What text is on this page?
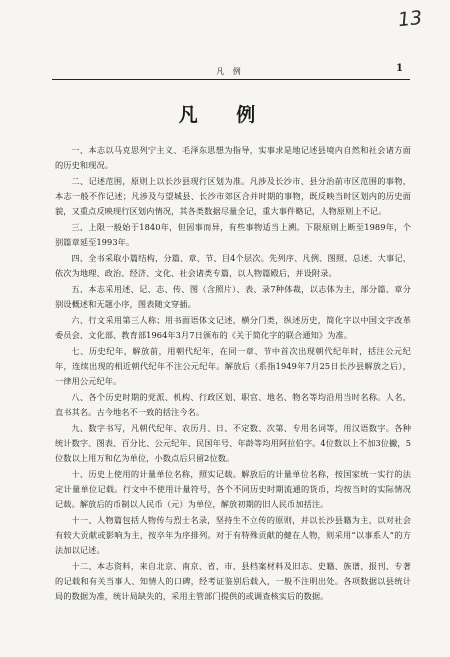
13
凡 例	1
凡 例

一、本志以马克思列宁主义、毛泽东思想为指导，实事求是地记述县境内自然和社会诸方面的历史和现况。

二、记述范围，原则上以长沙县现行区划为准。凡涉及长沙市、县分治前市区范围的事物，本志一般不作记述；凡涉及与望城县、长沙市郊区合并时期的事物，既反映当时区划内的历史面貌，又重点反映现行区划内情况，其各类数据尽量全记，重大事件略记，人物原则上不记。

三、上限一般始于1840年，但因事而异，有些事物适当上溯。下限原则上断至1989年，个别篇章延至1993年。

四、全书采取小篇结构，分篇、章、节、目4个层次。先列序、凡例、图照、总述、大事记，依次为地理、政治、经济、文化、社会诸类专篇，以人物篇殿后，并设附录。

五、本志采用述、记、志、传、图（含照片）、表、录7种体裁，以志体为主，部分篇、章分别设概述和无题小序，图表随文穿插。

六、行文采用第三人称；用书面语体文记述，横分门类，纵述历史，简化字以中国文字改革委员会、文化部、教育部1964年3月7日颁布的《关于简化字的联合通知》为准。

七、历史纪年，解放前，用朝代纪年，在同一章、节中首次出现朝代纪年时，括注公元纪年，连续出现的相近朝代纪年不注公元纪年。解放后（系指1949年7月25日长沙县解放之后），一律用公元纪年。

八、各个历史时期的党派、机构、行政区划、职官、地名、物名等均沿用当时名称。人名，直书其名。古今地名不一致的括注今名。

九、数字书写，凡朝代纪年、农历月、日、不定数、次第、专用名词等，用汉语数字。各种统计数字、图表、百分比、公元纪年、民国年号、年龄等均用阿拉伯字。4位数以上不加3位撇，5位数以上用万和亿为单位，小数点后只留2位数。

十、历史上使用的计量单位名称，照实记载。解放后的计量单位名称，按国家统一实行的法定计量单位记载。行文中不使用计量符号，各个不同历史时期流通的货币，均按当时的实际情况记载。解放后的币制以人民币（元）为单位，解放初期的旧人民币加括注。

十一、人物篇包括人物传与烈士名录，坚持生不立传的原则，并以长沙县籍为主，以对社会有较大贡献或影响为主，按卒年为序排列。对于有特殊贡献的健在人物，则采用“以事系人”的方法加以记述。

十二、本志资料，来自北京、南京、省、市、县档案材料及旧志、史籍、族谱、报刊、专著的记载和有关当事人、知情人的口碑，经考证鉴别后载入，一般不注明出处。各项数据以县统计局的数据为准，统计局缺失的，采用主管部门提供的或调查核实后的数据。
